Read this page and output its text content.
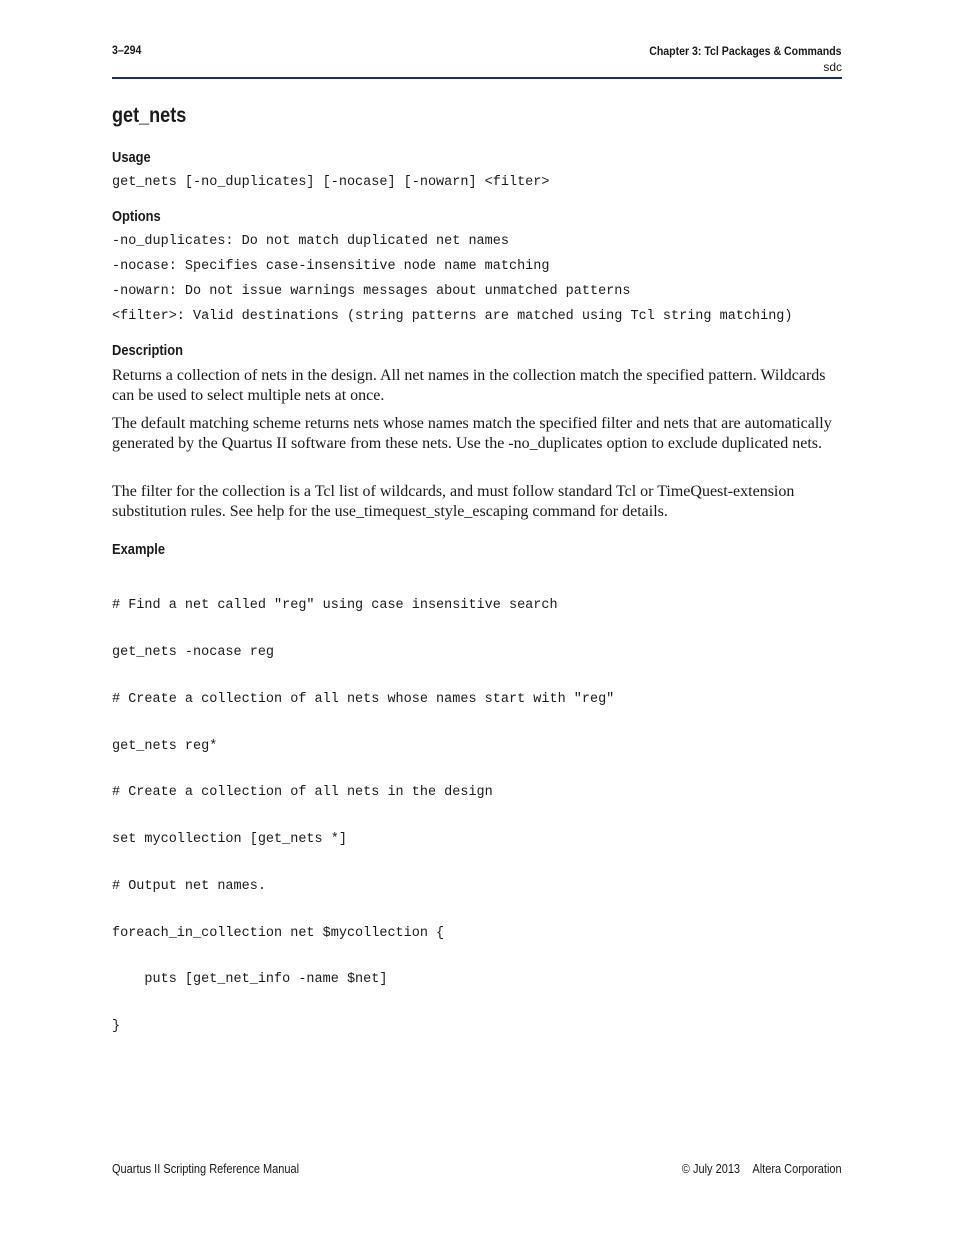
3–294	Chapter 3: Tcl Packages & Commands
sdc
get_nets
Usage
get_nets [-no_duplicates] [-nocase] [-nowarn] <filter>
Options
-no_duplicates: Do not match duplicated net names
-nocase: Specifies case-insensitive node name matching
-nowarn: Do not issue warnings messages about unmatched patterns
<filter>: Valid destinations (string patterns are matched using Tcl string matching)
Description

Returns a collection of nets in the design. All net names in the collection match the specified pattern. Wildcards can be used to select multiple nets at once.

The default matching scheme returns nets whose names match the specified filter and nets that are automatically generated by the Quartus II software from these nets. Use the -no_duplicates option to exclude duplicated nets.

The filter for the collection is a Tcl list of wildcards, and must follow standard Tcl or TimeQuest-extension substitution rules. See help for the use_timequest_style_escaping command for details.

Example

# Find a net called "reg" using case insensitive search

get_nets -nocase reg

# Create a collection of all nets whose names start with "reg"

get_nets reg*

# Create a collection of all nets in the design

set mycollection [get_nets *]

# Output net names.

foreach_in_collection net $mycollection {

puts [get_net_info -name $net]

}

Quartus II Scripting Reference Manual	© July 2013 Altera Corporation
